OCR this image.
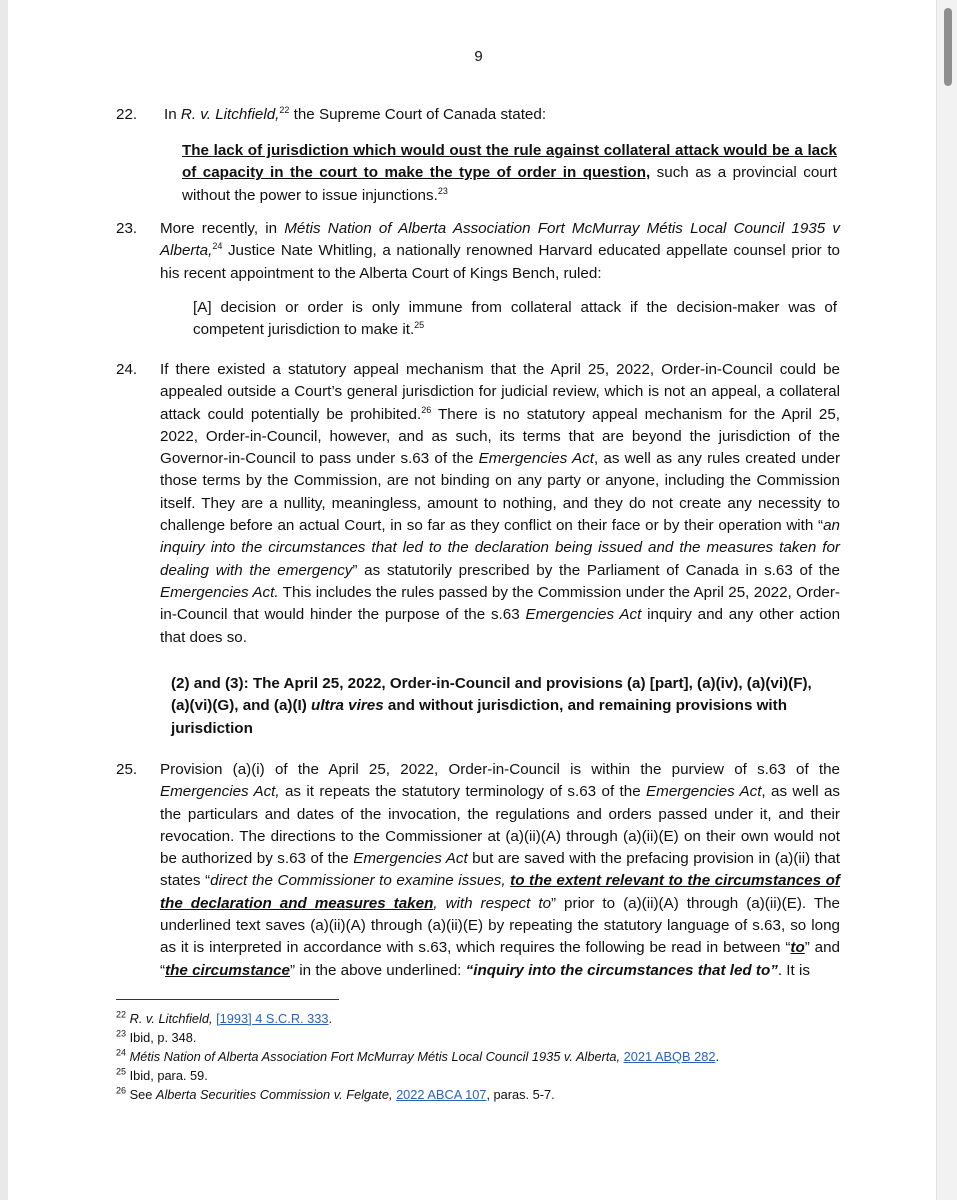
9
22. In R. v. Litchfield,$^{22}$ the Supreme Court of Canada stated:
The lack of jurisdiction which would oust the rule against collateral attack would be a lack of capacity in the court to make the type of order in question, such as a provincial court without the power to issue injunctions.$^{23}$
23. More recently, in Métis Nation of Alberta Association Fort McMurray Métis Local Council 1935 v Alberta,$^{24}$ Justice Nate Whitling, a nationally renowned Harvard educated appellate counsel prior to his recent appointment to the Alberta Court of Kings Bench, ruled:
[A] decision or order is only immune from collateral attack if the decision-maker was of competent jurisdiction to make it.$^{25}$
24. If there existed a statutory appeal mechanism that the April 25, 2022, Order-in-Council could be appealed outside a Court’s general jurisdiction for judicial review, which is not an appeal, a collateral attack could potentially be prohibited.$^{26}$ There is no statutory appeal mechanism for the April 25, 2022, Order-in-Council, however, and as such, its terms that are beyond the jurisdiction of the Governor-in-Council to pass under s.63 of the Emergencies Act, as well as any rules created under those terms by the Commission, are not binding on any party or anyone, including the Commission itself. They are a nullity, meaningless, amount to nothing, and they do not create any necessity to challenge before an actual Court, in so far as they conflict on their face or by their operation with “an inquiry into the circumstances that led to the declaration being issued and the measures taken for dealing with the emergency” as statutorily prescribed by the Parliament of Canada in s.63 of the Emergencies Act. This includes the rules passed by the Commission under the April 25, 2022, Order-in-Council that would hinder the purpose of the s.63 Emergencies Act inquiry and any other action that does so.
(2) and (3): The April 25, 2022, Order-in-Council and provisions (a) [part], (a)(iv), (a)(vi)(F), (a)(vi)(G), and (a)(I) ultra vires and without jurisdiction, and remaining provisions with jurisdiction
25. Provision (a)(i) of the April 25, 2022, Order-in-Council is within the purview of s.63 of the Emergencies Act, as it repeats the statutory terminology of s.63 of the Emergencies Act, as well as the particulars and dates of the invocation, the regulations and orders passed under it, and their revocation. The directions to the Commissioner at (a)(ii)(A) through (a)(ii)(E) on their own would not be authorized by s.63 of the Emergencies Act but are saved with the prefacing provision in (a)(ii) that states “direct the Commissioner to examine issues, to the extent relevant to the circumstances of the declaration and measures taken, with respect to” prior to (a)(ii)(A) through (a)(ii)(E). The underlined text saves (a)(ii)(A) through (a)(ii)(E) by repeating the statutory language of s.63, so long as it is interpreted in accordance with s.63, which requires the following be read in between “to” and “the circumstance” in the above underlined: “inquiry into the circumstances that led to”. It is
$^{22}$ R. v. Litchfield, [1993] 4 S.C.R. 333.
$^{23}$ Ibid, p. 348.
$^{24}$ Métis Nation of Alberta Association Fort McMurray Métis Local Council 1935 v. Alberta, 2021 ABQB 282.
$^{25}$ Ibid, para. 59.
$^{26}$ See Alberta Securities Commission v. Felgate, 2022 ABCA 107, paras. 5-7.
